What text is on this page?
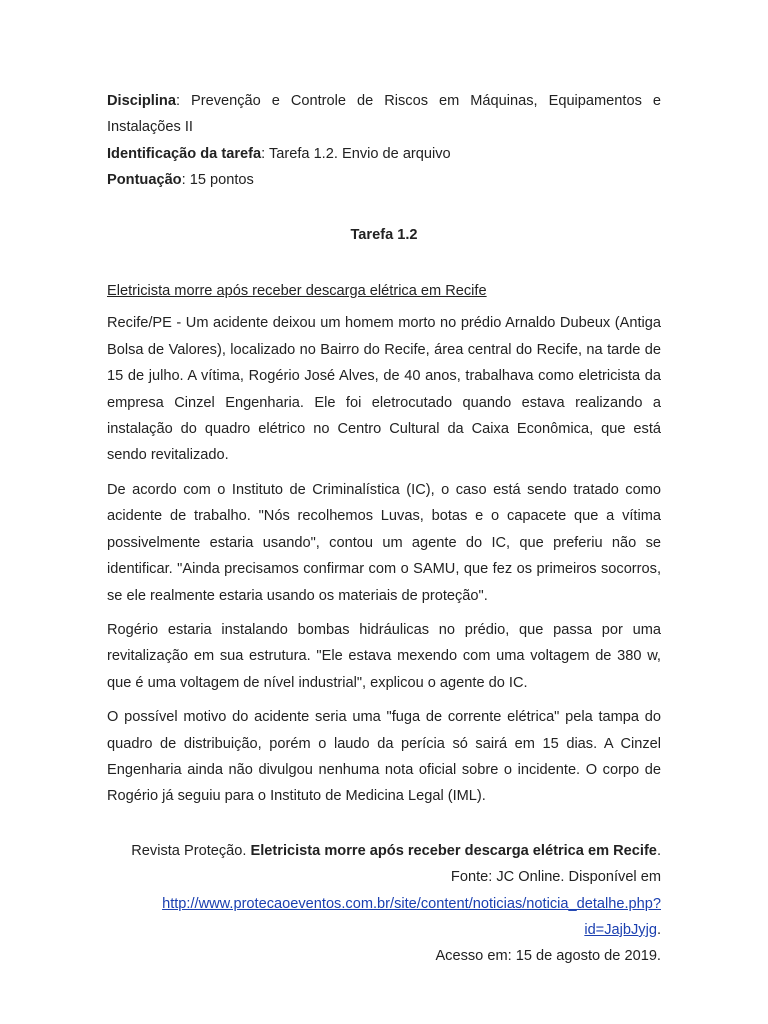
Disciplina: Prevenção e Controle de Riscos em Máquinas, Equipamentos e Instalações II

Identificação da tarefa: Tarefa 1.2. Envio de arquivo

Pontuação: 15 pontos

Tarefa 1.2

Eletricista morre após receber descarga elétrica em Recife

Recife/PE - Um acidente deixou um homem morto no prédio Arnaldo Dubeux (Antiga Bolsa de Valores), localizado no Bairro do Recife, área central do Recife, na tarde de 15 de julho. A vítima, Rogério José Alves, de 40 anos, trabalhava como eletricista da empresa Cinzel Engenharia. Ele foi eletrocutado quando estava realizando a instalação do quadro elétrico no Centro Cultural da Caixa Econômica, que está sendo revitalizado.

De acordo com o Instituto de Criminalística (IC), o caso está sendo tratado como acidente de trabalho. "Nós recolhemos Luvas, botas e o capacete que a vítima possivelmente estaria usando", contou um agente do IC, que preferiu não se identificar. "Ainda precisamos confirmar com o SAMU, que fez os primeiros socorros, se ele realmente estaria usando os materiais de proteção".

Rogério estaria instalando bombas hidráulicas no prédio, que passa por uma revitalização em sua estrutura. "Ele estava mexendo com uma voltagem de 380 w, que é uma voltagem de nível industrial", explicou o agente do IC.

O possível motivo do acidente seria uma "fuga de corrente elétrica" pela tampa do quadro de distribuição, porém o laudo da perícia só sairá em 15 dias. A Cinzel Engenharia ainda não divulgou nenhuma nota oficial sobre o incidente. O corpo de Rogério já seguiu para o Instituto de Medicina Legal (IML).

Revista Proteção. Eletricista morre após receber descarga elétrica em Recife. Fonte: JC Online. Disponível em http://www.protecaoeventos.com.br/site/content/noticias/noticia_detalhe.php?id=JajbJyjg.
Acesso em: 15 de agosto de 2019.
